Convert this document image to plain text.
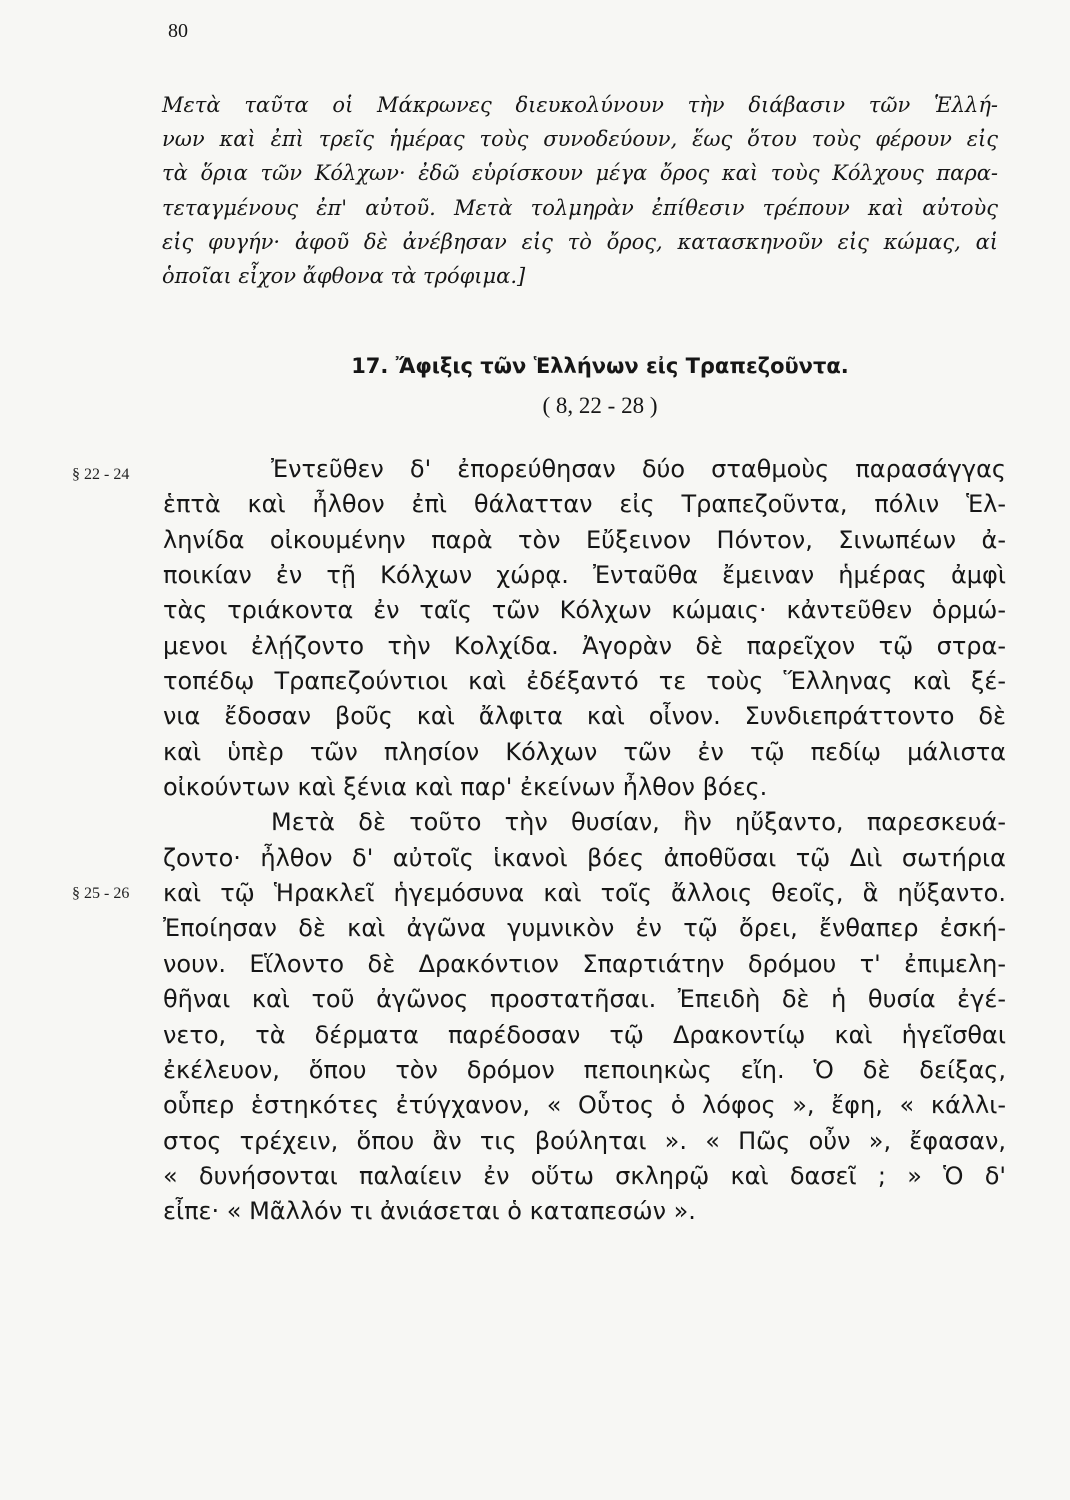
80
Μετὰ ταῦτα οἱ Μάκρωνες διευκολύνουν τὴν διάβασιν τῶν Ἑλλή-
νων καὶ ἐπὶ τρεῖς ἡμέρας τοὺς συνοδεύουν, ἕως ὅτου τοὺς φέρουν εἰς
τὰ ὅρια τῶν Κόλχων· ἐδῶ εὑρίσκουν μέγα ὄρος καὶ τοὺς Κόλχους παρα-
τεταγμένους ἐπ' αὐτοῦ. Μετὰ τολμηρὰν ἐπίθεσιν τρέπουν καὶ αὐτοὺς
εἰς φυγήν· ἀφοῦ δὲ ἀνέβησαν εἰς τὸ ὄρος, κατασκηνοῦν εἰς κώμας, αἱ
ὁποῖαι εἶχον ἄφθονα τὰ τρόφιμα.]
17. Ἄφιξις τῶν Ἑλλήνων εἰς Τραπεζοῦντα.
( 8, 22 - 28 )
§ 22 - 24
§ 25 - 26
Ἐντεῦθεν δ' ἐπορεύθησαν δύο σταθμοὺς παρασάγγας
ἑπτὰ καὶ ἦλθον ἐπὶ θάλατταν εἰς Τραπεζοῦντα, πόλιν Ἑλ-
ληνίδα οἰκουμένην παρὰ τὸν Εὔξεινον Πόντον, Σινωπέων ἀ-
ποικίαν ἐν τῇ Κόλχων χώρᾳ. Ἐνταῦθα ἔμειναν ἡμέρας ἀμφὶ
τὰς τριάκοντα ἐν ταῖς τῶν Κόλχων κώμαις· κἀντεῦθεν ὁρμώ-
μενοι ἐλῄζοντο τὴν Κολχίδα. Ἀγορὰν δὲ παρεῖχον τῷ στρα-
τοπέδῳ Τραπεζούντιοι καὶ ἐδέξαντό τε τοὺς Ἕλληνας καὶ ξέ-
νια ἔδοσαν βοῦς καὶ ἄλφιτα καὶ οἶνον. Συνδιεπράττοντο δὲ
καὶ ὑπὲρ τῶν πλησίον Κόλχων τῶν ἐν τῷ πεδίῳ μάλιστα
οἰκούντων καὶ ξένια καὶ παρ' ἐκείνων ἦλθον βόες.
Μετὰ δὲ τοῦτο τὴν θυσίαν, ἣν ηὔξαντο, παρεσκευά-
ζοντο· ἦλθον δ' αὐτοῖς ἱκανοὶ βόες ἀποθῦσαι τῷ Διὶ σωτήρια
καὶ τῷ Ἡρακλεῖ ἡγεμόσυνα καὶ τοῖς ἄλλοις θεοῖς, ἃ ηὔξαντο.
Ἐποίησαν δὲ καὶ ἀγῶνα γυμνικὸν ἐν τῷ ὄρει, ἔνθαπερ ἐσκή-
νουν. Εἵλοντο δὲ Δρακόντιον Σπαρτιάτην δρόμου τ' ἐπιμελη-
θῆναι καὶ τοῦ ἀγῶνος προστατῆσαι. Ἐπειδὴ δὲ ἡ θυσία ἐγέ-
νετο, τὰ δέρματα παρέδοσαν τῷ Δρακοντίῳ καὶ ἡγεῖσθαι
ἐκέλευον, ὅπου τὸν δρόμον πεποιηκὼς εἴη. Ὁ δὲ δείξας,
οὗπερ ἑστηκότες ἐτύγχανον, « Οὗτος ὁ λόφος », ἔφη, « κάλλι-
στος τρέχειν, ὅπου ἂν τις βούληται ». « Πῶς οὖν », ἔφασαν,
« δυνήσονται παλαίειν ἐν οὕτω σκληρῷ καὶ δασεῖ ; » Ὁ δ'
εἶπε· « Μᾶλλόν τι ἀνιάσεται ὁ καταπεσών ».
